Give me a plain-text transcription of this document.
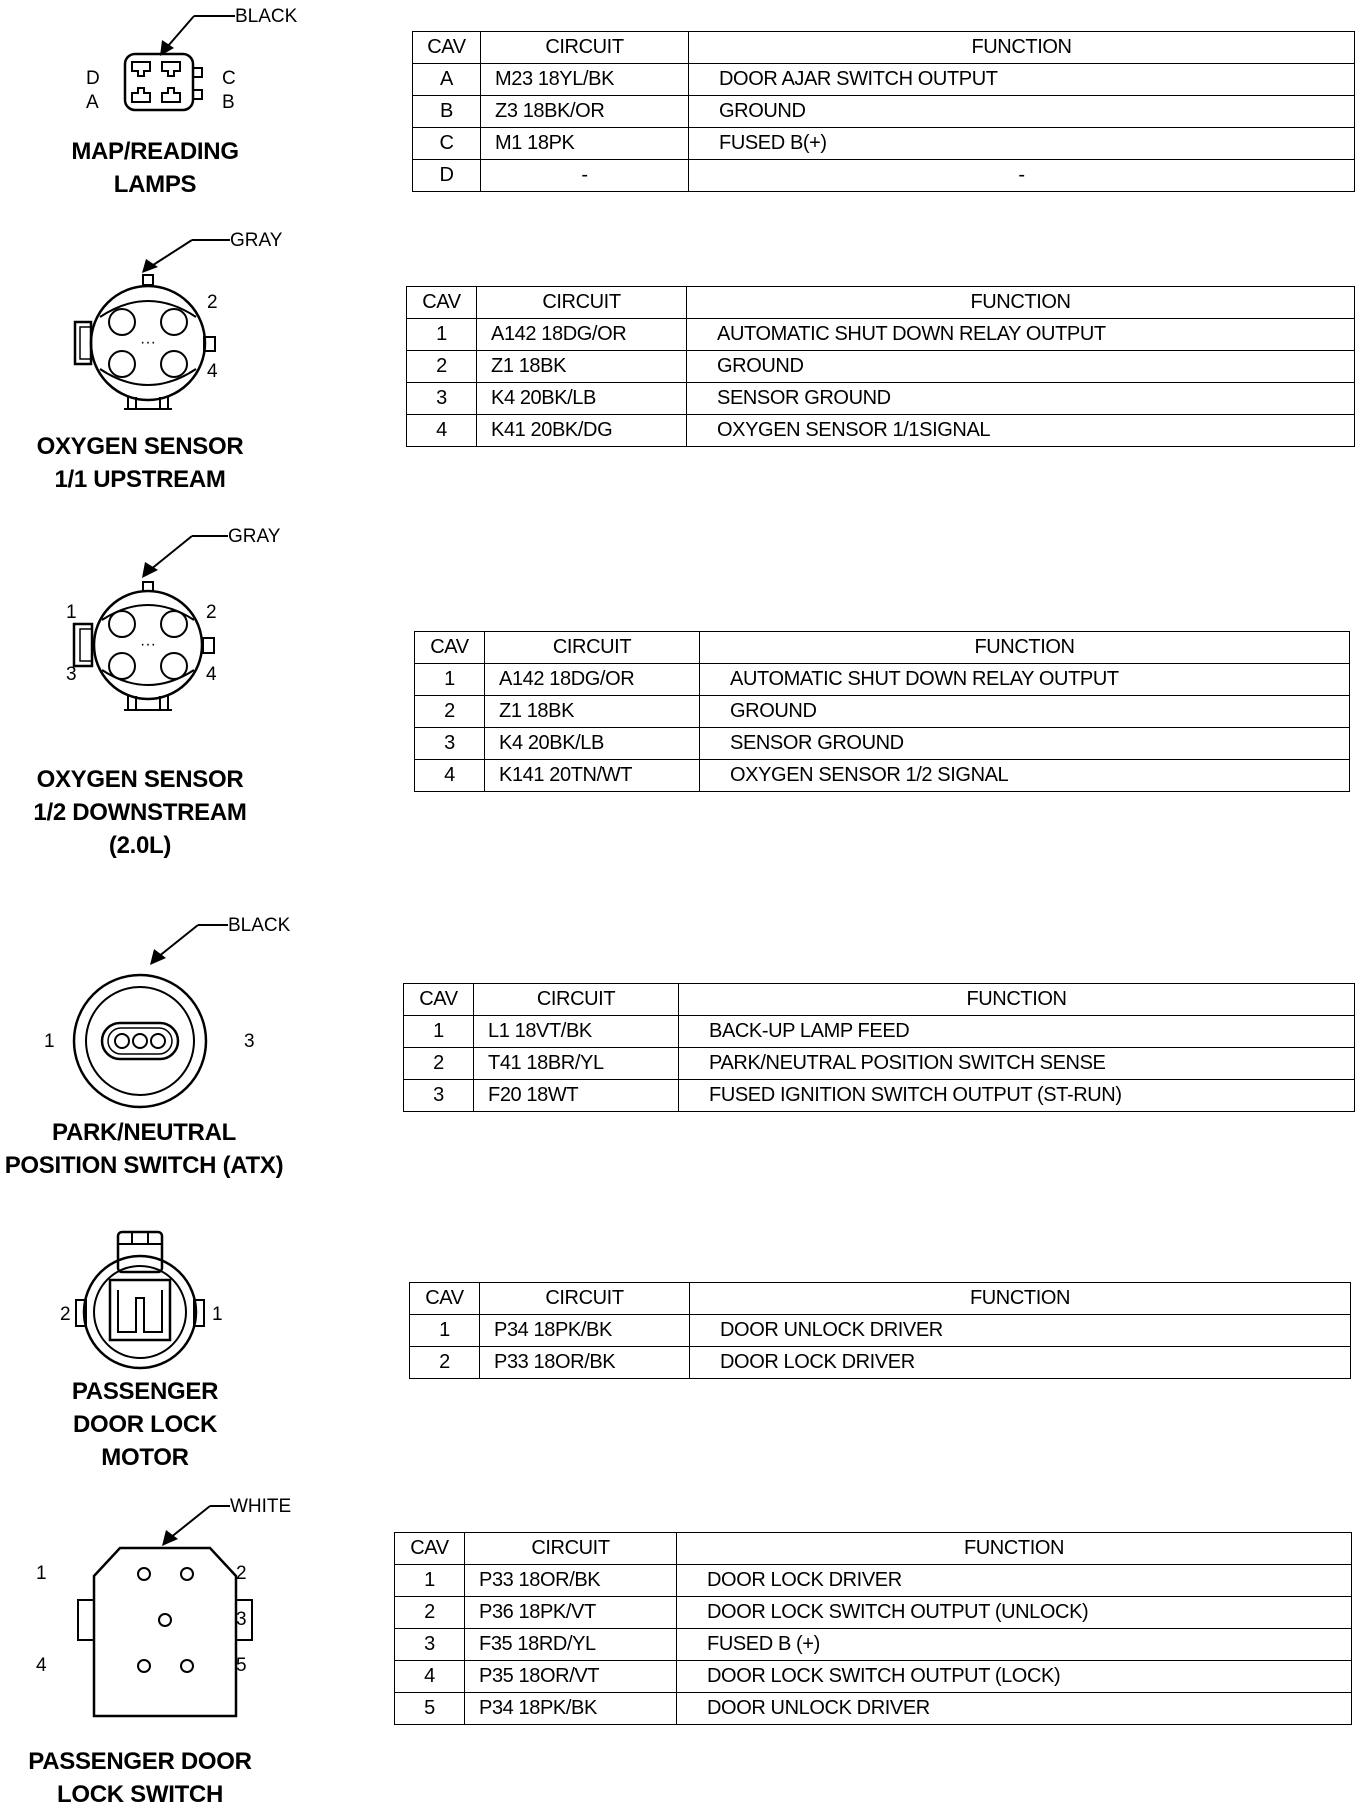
BLACK
D
A
C
B
MAP/READING
LAMPS
CAV	CIRCUIT	FUNCTION
A	M23 18YL/BK	DOOR AJAR SWITCH OUTPUT
B	Z3 18BK/OR	GROUND
C	M1 18PK	FUSED B(+)
D	-	-
GRAY
···
2
4
OXYGEN SENSOR
1/1 UPSTREAM
CAV	CIRCUIT	FUNCTION
1	A142 18DG/OR	AUTOMATIC SHUT DOWN RELAY OUTPUT
2	Z1 18BK	GROUND
3	K4 20BK/LB	SENSOR GROUND
4	K41 20BK/DG	OXYGEN SENSOR 1/1SIGNAL
GRAY
···
1	2
3	4
OXYGEN SENSOR
1/2 DOWNSTREAM
(2.0L)
CAV	CIRCUIT	FUNCTION
1	A142 18DG/OR	AUTOMATIC SHUT DOWN RELAY OUTPUT
2	Z1 18BK	GROUND
3	K4 20BK/LB	SENSOR GROUND
4	K141 20TN/WT	OXYGEN SENSOR 1/2 SIGNAL
BLACK
1	3
PARK/NEUTRAL
POSITION SWITCH (ATX)
CAV	CIRCUIT	FUNCTION
1	L1 18VT/BK	BACK-UP LAMP FEED
2	T41 18BR/YL	PARK/NEUTRAL POSITION SWITCH SENSE
3	F20 18WT	FUSED IGNITION SWITCH OUTPUT (ST-RUN)
2	1
PASSENGER
DOOR LOCK
MOTOR
CAV	CIRCUIT	FUNCTION
1	P34 18PK/BK	DOOR UNLOCK DRIVER
2	P33 18OR/BK	DOOR LOCK DRIVER
WHITE
1	2
3
4	5
PASSENGER DOOR
LOCK SWITCH
CAV	CIRCUIT	FUNCTION
1	P33 18OR/BK	DOOR LOCK DRIVER
2	P36 18PK/VT	DOOR LOCK SWITCH OUTPUT (UNLOCK)
3	F35 18RD/YL	FUSED B (+)
4	P35 18OR/VT	DOOR LOCK SWITCH OUTPUT (LOCK)
5	P34 18PK/BK	DOOR UNLOCK DRIVER
